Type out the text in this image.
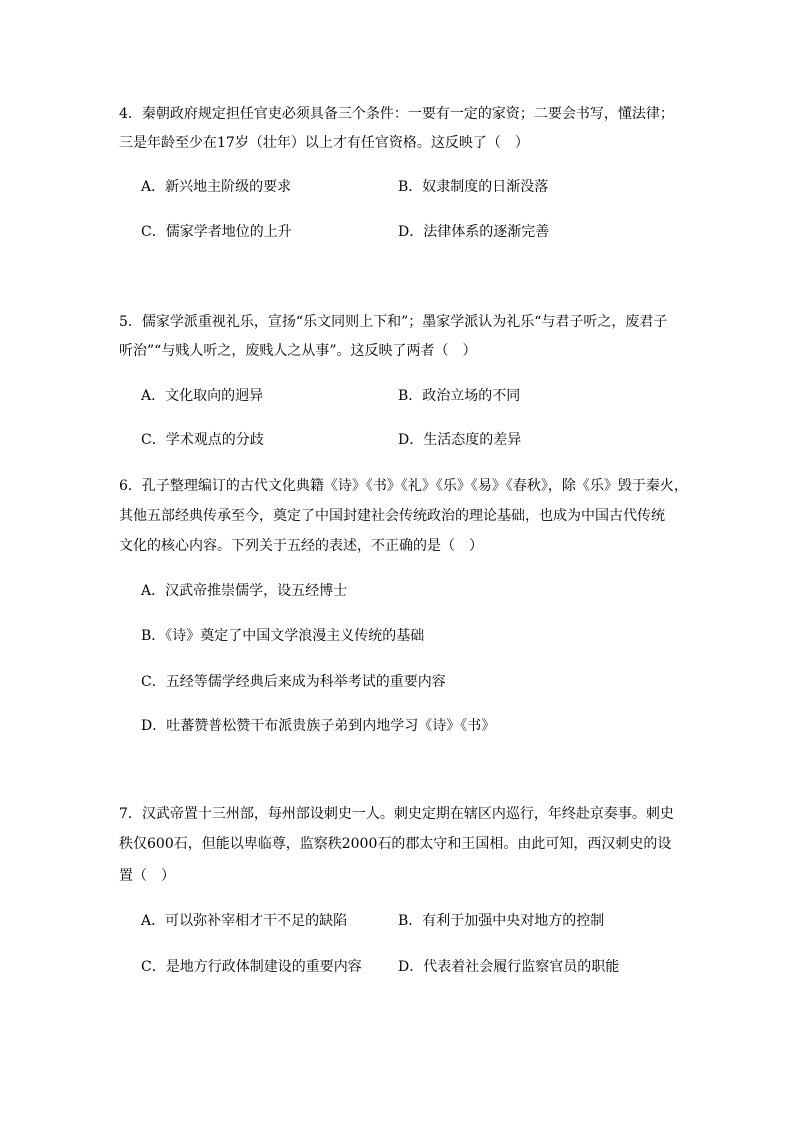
4．秦朝政府规定担任官吏必须具备三个条件：一要有一定的家资；二要会书写，懂法律；
三是年龄至少在17岁（壮年）以上才有任官资格。这反映了（　）
A．新兴地主阶级的要求	B．奴隶制度的日渐没落
C．儒家学者地位的上升	D．法律体系的逐渐完善
5．儒家学派重视礼乐，宣扬“乐文同则上下和”；墨家学派认为礼乐“与君子听之，废君子
听治”“与贱人听之，废贱人之从事”。这反映了两者（　）
A．文化取向的迥异	B．政治立场的不同
C．学术观点的分歧	D．生活态度的差异
6．孔子整理编订的古代文化典籍《诗》《书》《礼》《乐》《易》《春秋》，除《乐》毁于秦火，
其他五部经典传承至今，奠定了中国封建社会传统政治的理论基础，也成为中国古代传统
文化的核心内容。下列关于五经的表述，不正确的是（　）
A．汉武帝推崇儒学，设五经博士
B．《诗》奠定了中国文学浪漫主义传统的基础
C．五经等儒学经典后来成为科举考试的重要内容
D．吐蕃赞普松赞干布派贵族子弟到内地学习《诗》《书》
7．汉武帝置十三州部，每州部设刺史一人。刺史定期在辖区内巡行，年终赴京奏事。刺史
秩仅600石，但能以卑临尊，监察秩2000石的郡太守和王国相。由此可知，西汉刺史的设
置（　）
A．可以弥补宰相才干不足的缺陷	B．有利于加强中央对地方的控制
C．是地方行政体制建设的重要内容	D．代表着社会履行监察官员的职能
